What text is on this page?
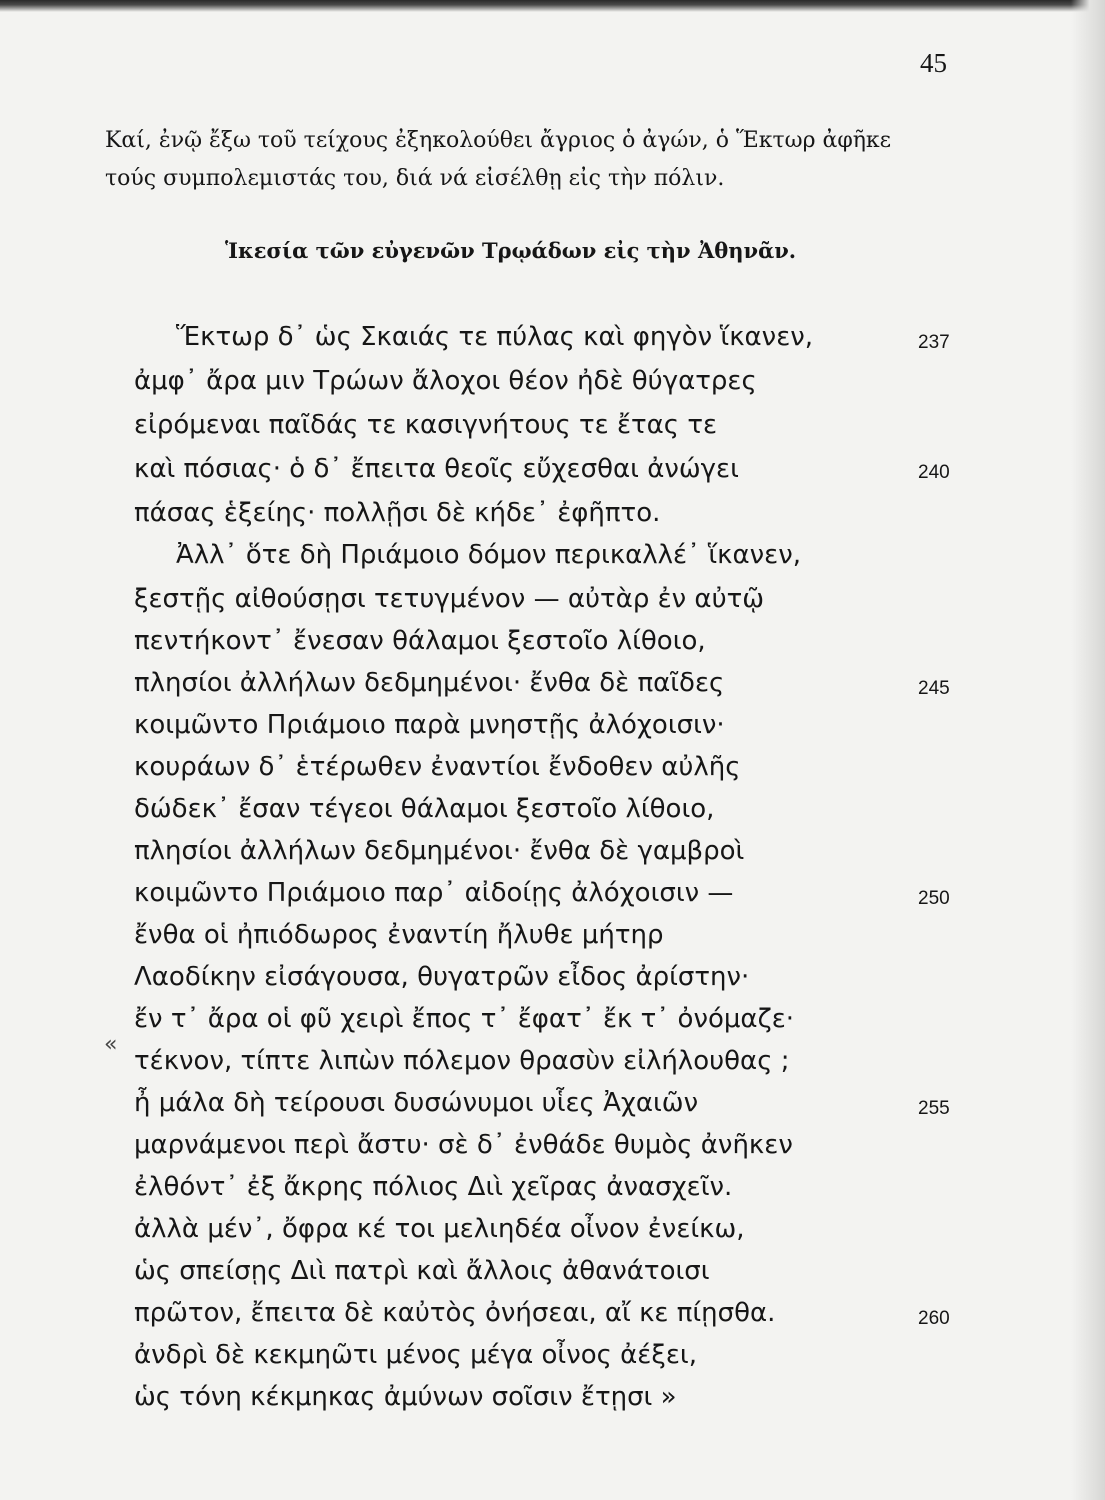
45
Καί, ἐνῷ ἔξω τοῦ τείχους ἐξηκολούθει ἄγριος ὁ ἀγών, ὁ Ἕκτωρ ἀφῆκε
τούς συμπολεμιστάς του, διά νά εἰσέλθῃ εἰς τὴν πόλιν.
Ἱκεσία τῶν εὐγενῶν Τρῳάδων εἰς τὴν Ἀθηνᾶν.
«
Ἕκτωρ δ᾽ ὡς Σκαιάς τε πύλας καὶ φηγὸν ἵκανεν,
ἀμφ᾽ ἄρα μιν Τρώων ἄλοχοι θέον ἠδὲ θύγατρες
εἰρόμεναι παῖδάς τε κασιγνήτους τε ἔτας τε
καὶ πόσιας· ὁ δ᾽ ἔπειτα θεοῖς εὔχεσθαι ἀνώγει
πάσας ἑξείης· πολλῇσι δὲ κήδε᾽ ἐφῆπτο.
Ἀλλ᾽ ὅτε δὴ Πριάμοιο δόμον περικαλλέ᾽ ἵκανεν,
ξεστῇς αἰθούσῃσι τετυγμένον — αὐτὰρ ἐν αὐτῷ
πεντήκοντ᾽ ἔνεσαν θάλαμοι ξεστοῖο λίθοιο,
πλησίοι ἀλλήλων δεδμημένοι· ἔνθα δὲ παῖδες
κοιμῶντο Πριάμοιο παρὰ μνηστῇς ἀλόχοισιν·
κουράων δ᾽ ἑτέρωθεν ἐναντίοι ἔνδοθεν αὐλῆς
δώδεκ᾽ ἔσαν τέγεοι θάλαμοι ξεστοῖο λίθοιο,
πλησίοι ἀλλήλων δεδμημένοι· ἔνθα δὲ γαμβροὶ
κοιμῶντο Πριάμοιο παρ᾽ αἰδοίῃς ἀλόχοισιν —
ἔνθα οἱ ἠπιόδωρος ἐναντίη ἤλυθε μήτηρ
Λαοδίκην εἰσάγουσα, θυγατρῶν εἶδος ἀρίστην·
ἔν τ᾽ ἄρα οἱ φῦ χειρὶ ἔπος τ᾽ ἔφατ᾽ ἔκ τ᾽ ὀνόμαζε·
τέκνον, τίπτε λιπὼν πόλεμον θρασὺν εἰλήλουθας ;
ἦ μάλα δὴ τείρουσι δυσώνυμοι υἷες Ἀχαιῶν
μαρνάμενοι περὶ ἄστυ· σὲ δ᾽ ἐνθάδε θυμὸς ἀνῆκεν
ἐλθόντ᾽ ἐξ ἄκρης πόλιος Διὶ χεῖρας ἀνασχεῖν.
ἀλλὰ μέν᾽, ὄφρα κέ τοι μελιηδέα οἶνον ἐνείκω,
ὡς σπείσῃς Διὶ πατρὶ καὶ ἄλλοις ἀθανάτοισι
πρῶτον, ἔπειτα δὲ καὐτὸς ὀνήσεαι, αἴ κε πίῃσθα.
ἀνδρὶ δὲ κεκμηῶτι μένος μέγα οἶνος ἀέξει,
ὡς τόνη κέκμηκας ἀμύνων σοῖσιν ἔτῃσι »
237
240
245
250
255
260
